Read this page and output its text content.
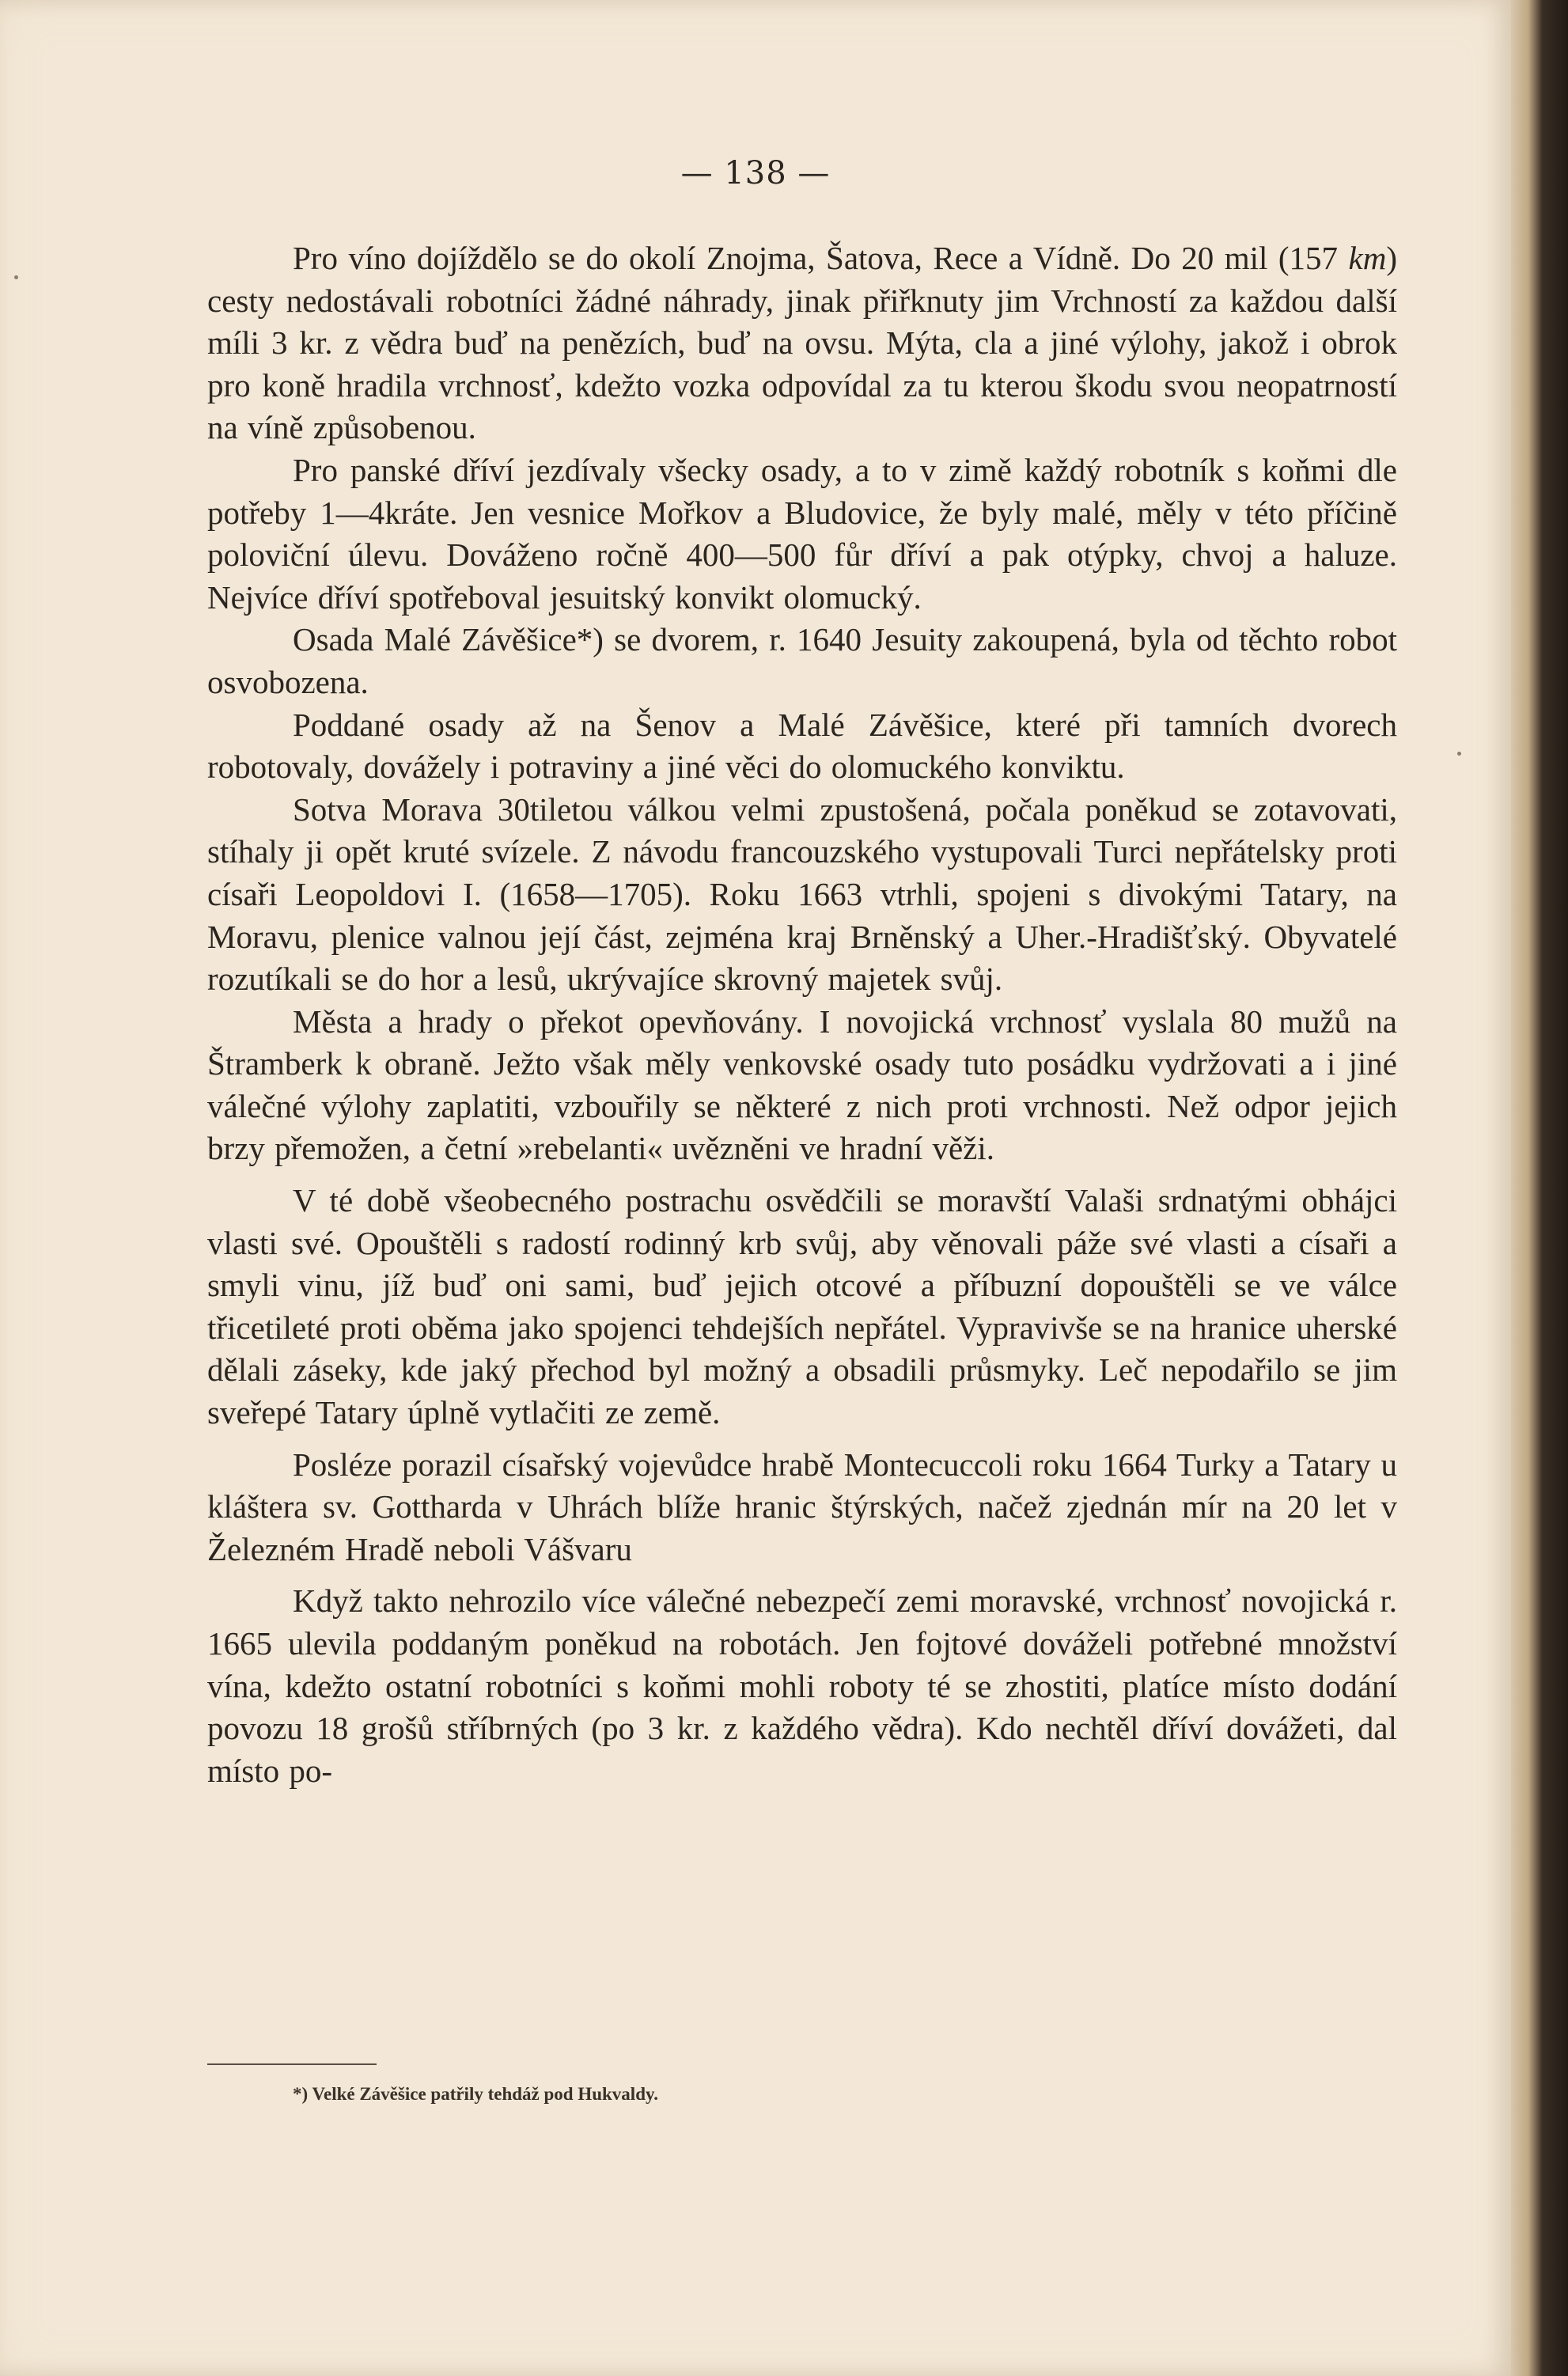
— 138 —

Pro víno dojíždělo se do okolí Znojma, Šatova, Rece a Vídně. Do 20 mil (157 km) cesty nedostávali robotníci žádné náhrady, jinak přiřknuty jim Vrchností za každou další míli 3 kr. z vědra buď na penězích, buď na ovsu. Mýta, cla a jiné výlohy, jakož i obrok pro koně hradila vrchnosť, kdežto vozka odpovídal za tu kterou škodu svou neopatrností na víně způsobenou.

Pro panské dříví jezdívaly všecky osady, a to v zimě každý robotník s koňmi dle potřeby 1—4kráte. Jen vesnice Mořkov a Bludovice, že byly malé, měly v této příčině poloviční úlevu. Dováženo ročně 400—500 fůr dříví a pak otýpky, chvoj a haluze. Nejvíce dříví spotřeboval jesuitský konvikt olomucký.

Osada Malé Závěšice*) se dvorem, r. 1640 Jesuity zakoupená, byla od těchto robot osvobozena.

Poddané osady až na Šenov a Malé Závěšice, které při tamních dvorech robotovaly, dovážely i potraviny a jiné věci do olomuckého konviktu.

Sotva Morava 30tiletou válkou velmi zpustošená, počala poněkud se zotavovati, stíhaly ji opět kruté svízele. Z návodu francouzského vystupovali Turci nepřátelsky proti císaři Leopoldovi I. (1658—1705). Roku 1663 vtrhli, spojeni s divokými Tatary, na Moravu, plenice valnou její část, zejména kraj Brněnský a Uher.-Hradišťský. Obyvatelé rozutíkali se do hor a lesů, ukrývajíce skrovný majetek svůj.

Města a hrady o překot opevňovány. I novojická vrchnosť vyslala 80 mužů na Štramberk k obraně. Ježto však měly venkovské osady tuto posádku vydržovati a i jiné válečné výlohy zaplatiti, vzbouřily se některé z nich proti vrchnosti. Než odpor jejich brzy přemožen, a četní »rebelanti« uvězněni ve hradní věži.

V té době všeobecného postrachu osvědčili se moravští Valaši srdnatými obhájci vlasti své. Opouštěli s radostí rodinný krb svůj, aby věnovali páže své vlasti a císaři a smyli vinu, jíž buď oni sami, buď jejich otcové a příbuzní dopouštěli se ve válce třicetileté proti oběma jako spojenci tehdejších nepřátel. Vypravivše se na hranice uherské dělali záseky, kde jaký přechod byl možný a obsadili průsmyky. Leč nepodařilo se jim sveřepé Tatary úplně vytlačiti ze země.

Posléze porazil císařský vojevůdce hrabě Montecuccoli roku 1664 Turky a Tatary u kláštera sv. Gottharda v Uhrách blíže hranic štýrských, načež zjednán mír na 20 let v Železném Hradě neboli Vášvaru

Když takto nehrozilo více válečné nebezpečí zemi moravské, vrchnosť novojická r. 1665 ulevila poddaným poněkud na robotách. Jen fojtové dováželi potřebné množství vína, kdežto ostatní robotníci s koňmi mohli roboty té se zhostiti, platíce místo dodání povozu 18 grošů stříbrných (po 3 kr. z každého vědra). Kdo nechtěl dříví dovážeti, dal místo po-

*) Velké Závěšice patřily tehdáž pod Hukvaldy.
